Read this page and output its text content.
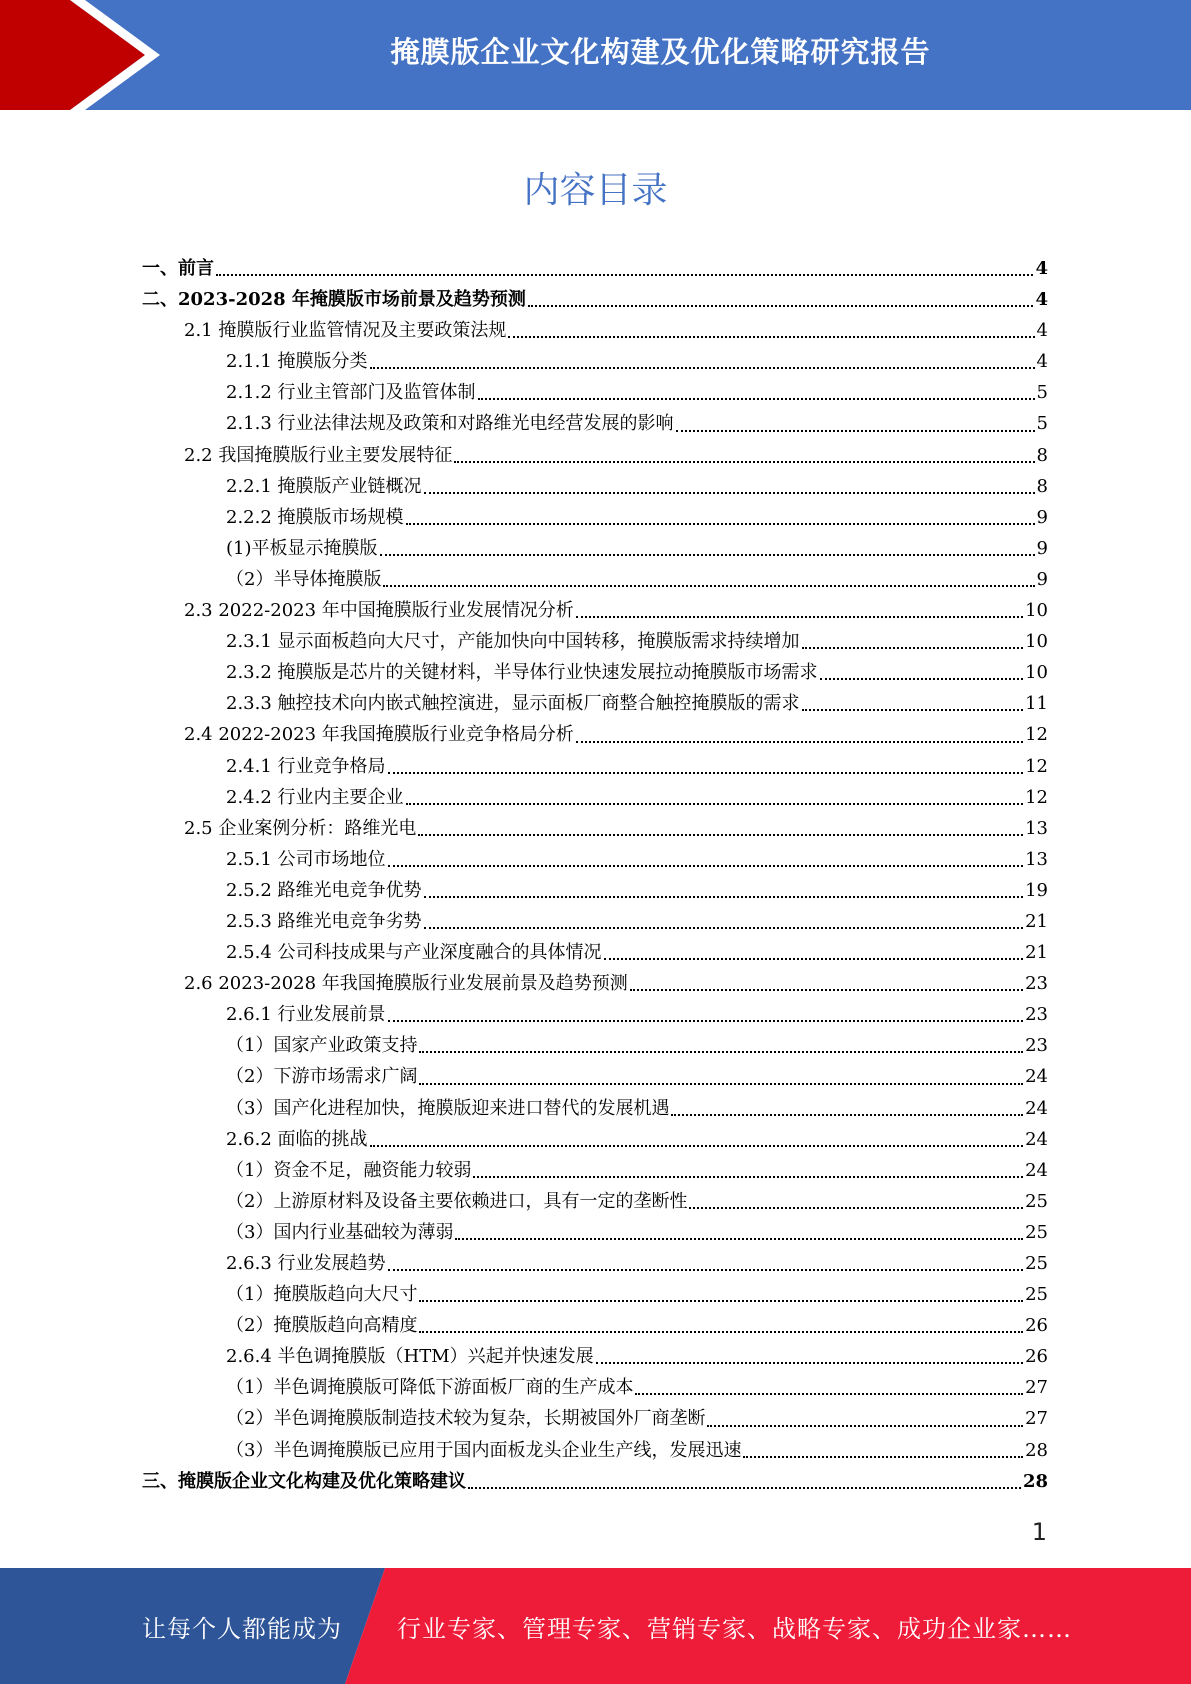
掩膜版企业文化构建及优化策略研究报告
内容目录
一、前言	4
二、2023-2028 年掩膜版市场前景及趋势预测	4
2.1 掩膜版行业监管情况及主要政策法规	4
2.1.1 掩膜版分类	4
2.1.2 行业主管部门及监管体制	5
2.1.3 行业法律法规及政策和对路维光电经营发展的影响	5
2.2 我国掩膜版行业主要发展特征	8
2.2.1 掩膜版产业链概况	8
2.2.2 掩膜版市场规模	9
(1)平板显示掩膜版	9
（2）半导体掩膜版	9
2.3 2022-2023 年中国掩膜版行业发展情况分析	10
2.3.1 显示面板趋向大尺寸，产能加快向中国转移，掩膜版需求持续增加	10
2.3.2 掩膜版是芯片的关键材料，半导体行业快速发展拉动掩膜版市场需求	10
2.3.3 触控技术向内嵌式触控演进，显示面板厂商整合触控掩膜版的需求	11
2.4 2022-2023 年我国掩膜版行业竞争格局分析	12
2.4.1 行业竞争格局	12
2.4.2 行业内主要企业	12
2.5 企业案例分析：路维光电	13
2.5.1 公司市场地位	13
2.5.2 路维光电竞争优势	19
2.5.3 路维光电竞争劣势	21
2.5.4 公司科技成果与产业深度融合的具体情况	21
2.6 2023-2028 年我国掩膜版行业发展前景及趋势预测	23
2.6.1 行业发展前景	23
（1）国家产业政策支持	23
（2）下游市场需求广阔	24
（3）国产化进程加快，掩膜版迎来进口替代的发展机遇	24
2.6.2 面临的挑战	24
（1）资金不足，融资能力较弱	24
（2）上游原材料及设备主要依赖进口，具有一定的垄断性	25
（3）国内行业基础较为薄弱	25
2.6.3 行业发展趋势	25
（1）掩膜版趋向大尺寸	25
（2）掩膜版趋向高精度	26
2.6.4 半色调掩膜版（HTM）兴起并快速发展	26
（1）半色调掩膜版可降低下游面板厂商的生产成本	27
（2）半色调掩膜版制造技术较为复杂，长期被国外厂商垄断	27
（3）半色调掩膜版已应用于国内面板龙头企业生产线，发展迅速	28
三、掩膜版企业文化构建及优化策略建议	28
1
让每个人都能成为 行业专家、管理专家、营销专家、战略专家、成功企业家……
